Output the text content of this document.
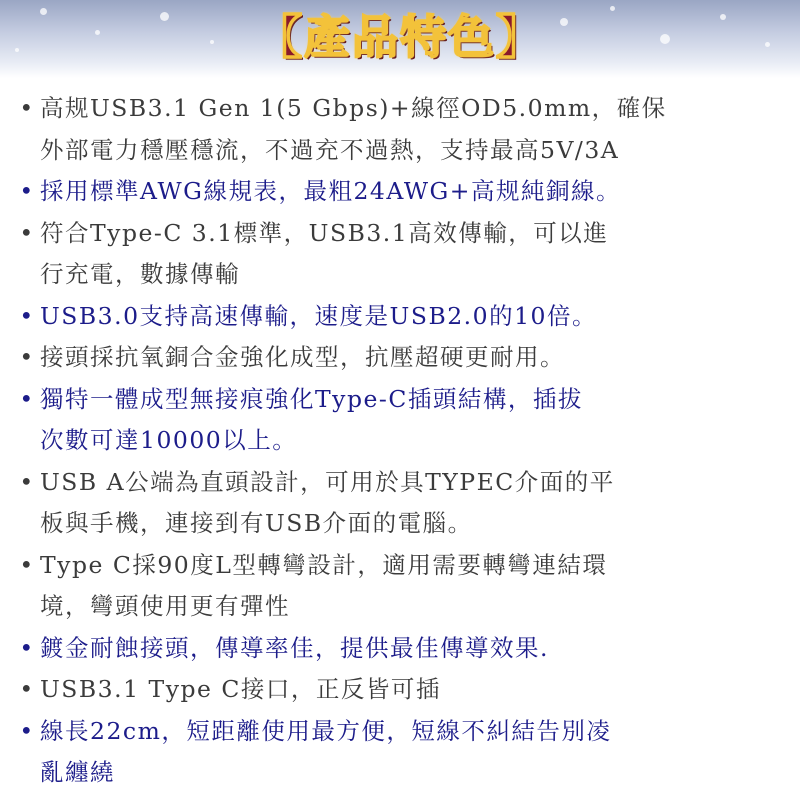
【產品特色】
• 高规USB3.1 Gen 1(5 Gbps)+線徑OD5.0mm，確保
外部電力穩壓穩流，不過充不過熱，支持最高5V/3A
• 採用標準AWG線規表，最粗24AWG+高规純銅線。
• 符合Type-C 3.1標準，USB3.1高效傳輸，可以進
行充電，數據傳輸
• USB3.0支持高速傳輸，速度是USB2.0的10倍。
• 接頭採抗氧銅合金強化成型，抗壓超硬更耐用。
• 獨特一體成型無接痕強化Type-C插頭結構，插拔
次數可達10000以上。
• USB A公端為直頭設計，可用於具TYPEC介面的平
板與手機，連接到有USB介面的電腦。
• Type C採90度L型轉彎設計，適用需要轉彎連結環
境，彎頭使用更有彈性
• 鍍金耐蝕接頭，傳導率佳，提供最佳傳導效果.
• USB3.1 Type C接口，正反皆可插
• 線長22cm，短距離使用最方便，短線不糾結告別凌
亂纏繞
